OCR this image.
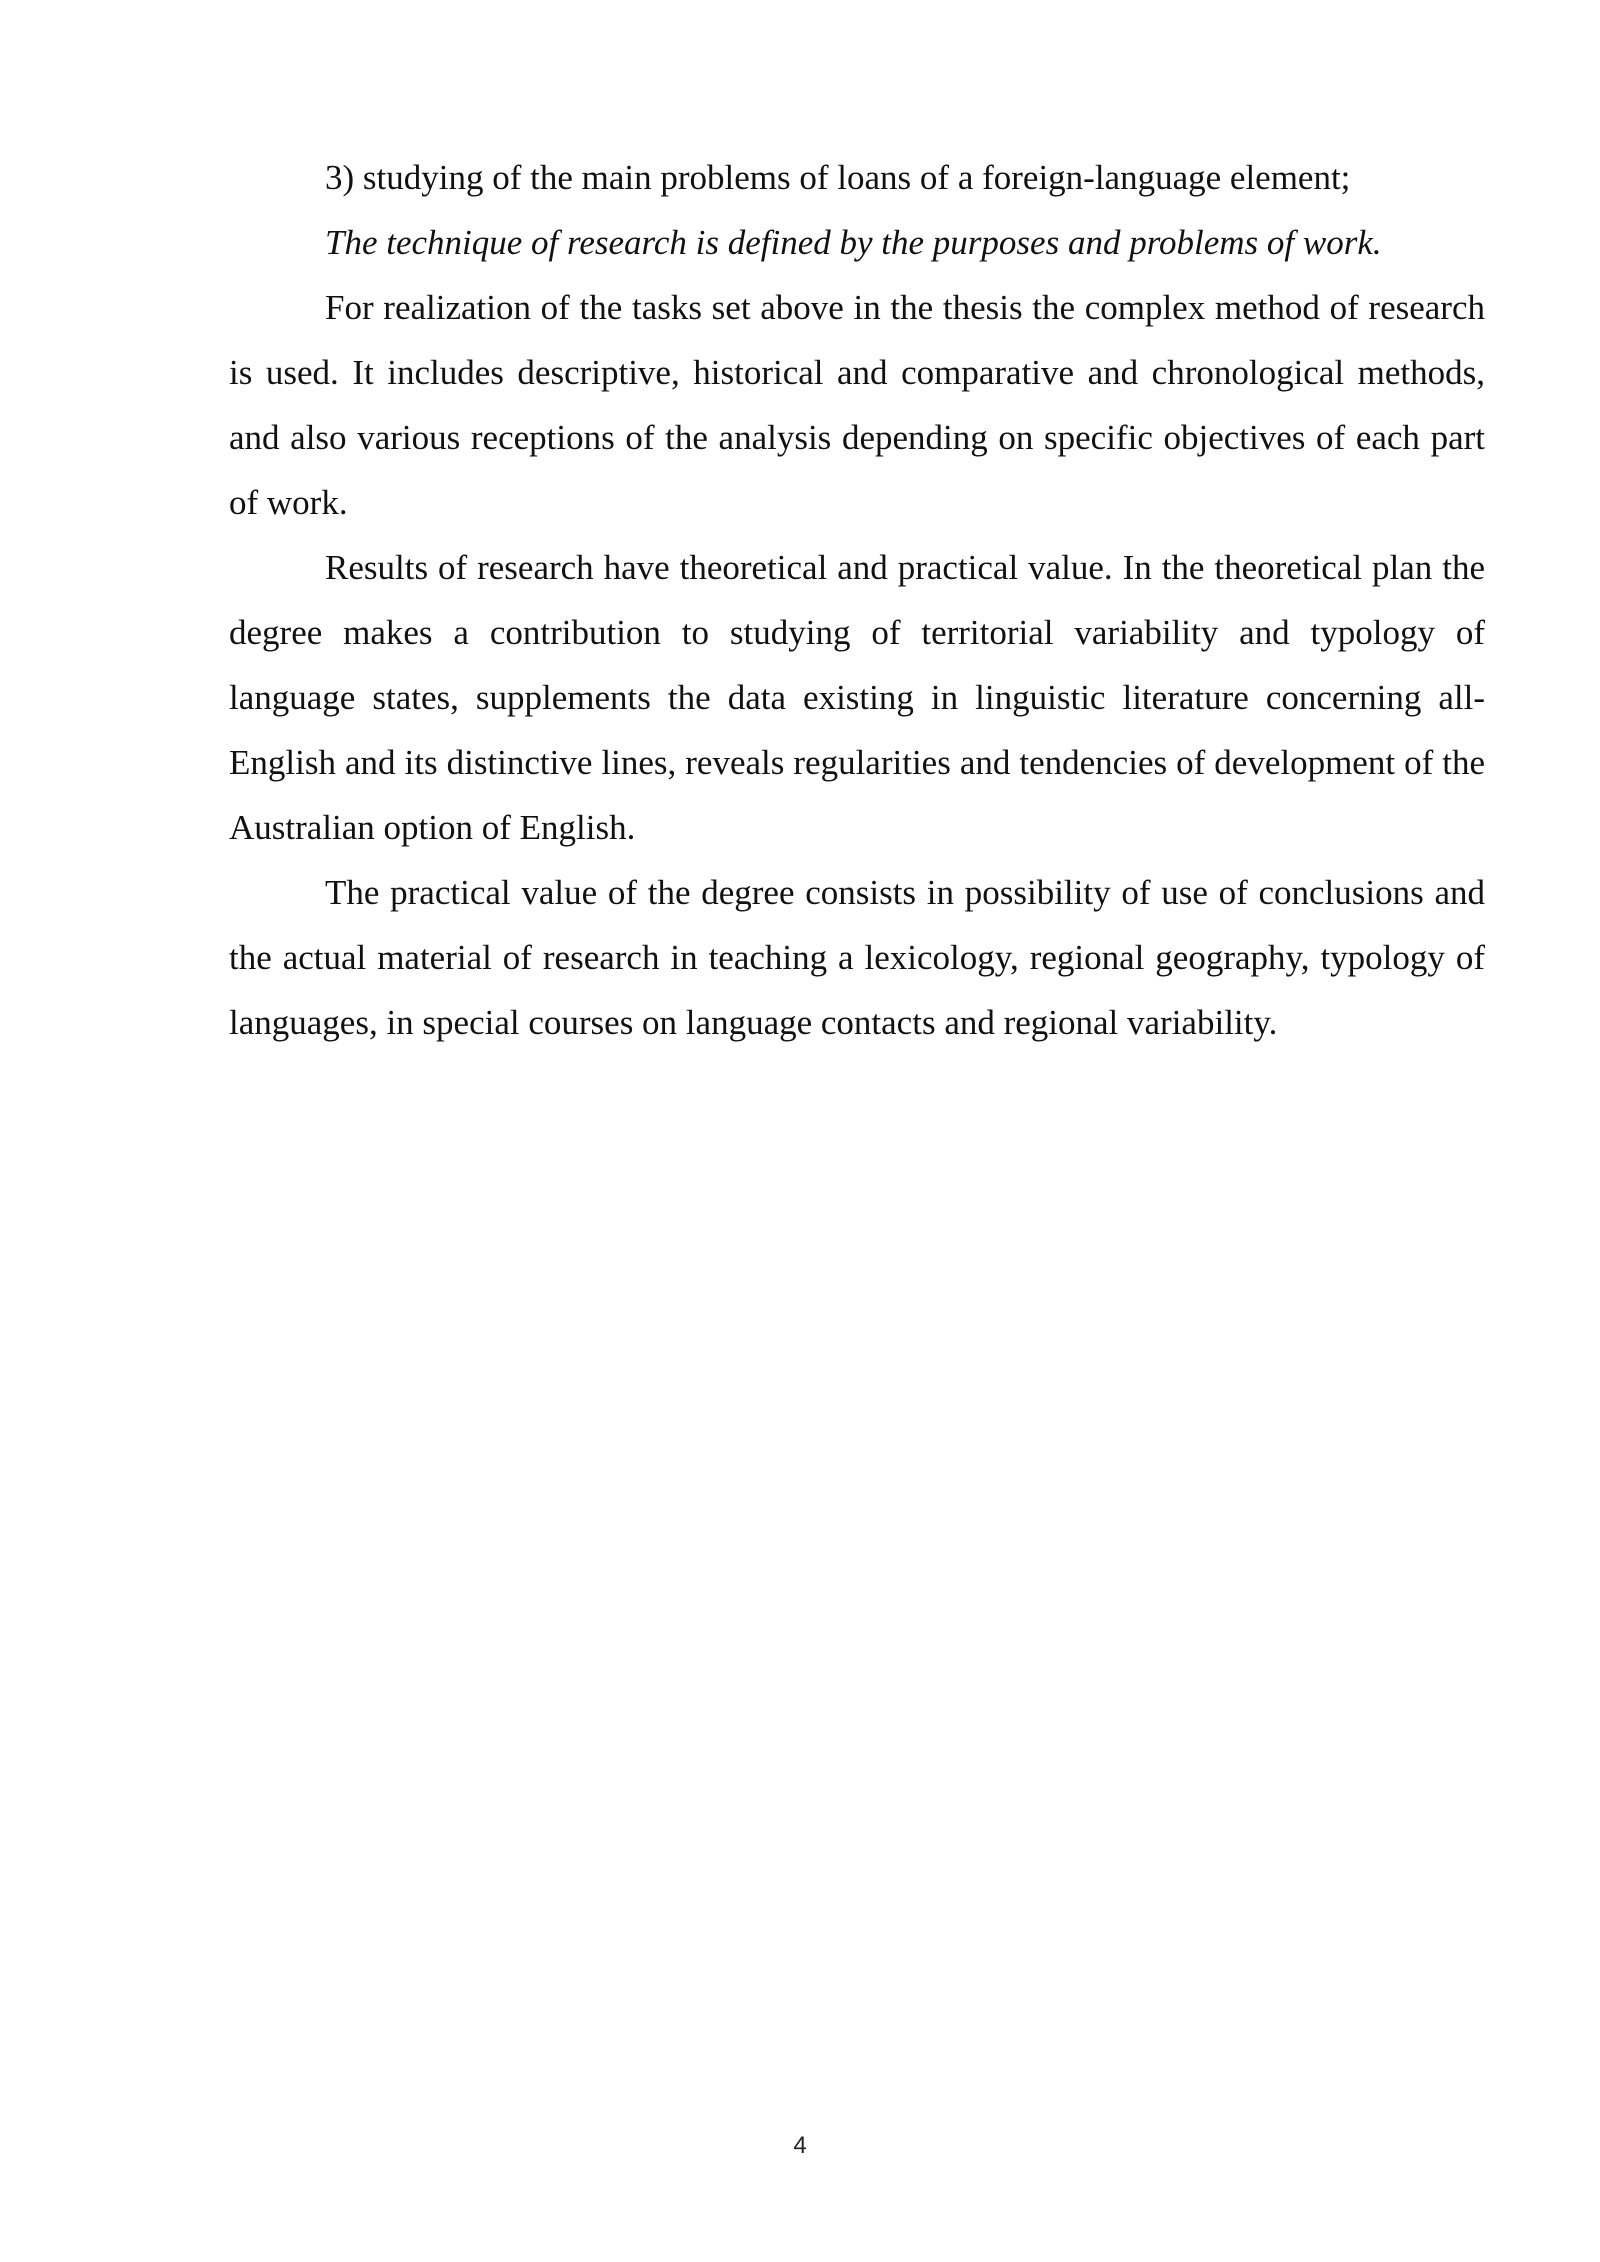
3) studying of the main problems of loans of a foreign-language element;

The technique of research is defined by the purposes and problems of work.

For realization of the tasks set above in the thesis the complex method of research is used. It includes descriptive, historical and comparative and chronological methods, and also various receptions of the analysis depending on specific objectives of each part of work.

Results of research have theoretical and practical value. In the theoretical plan the degree makes a contribution to studying of territorial variability and typology of language states, supplements the data existing in linguistic literature concerning all-English and its distinctive lines, reveals regularities and tendencies of development of the Australian option of English.

The practical value of the degree consists in possibility of use of conclusions and the actual material of research in teaching a lexicology, regional geography, typology of languages, in special courses on language contacts and regional variability.

4
